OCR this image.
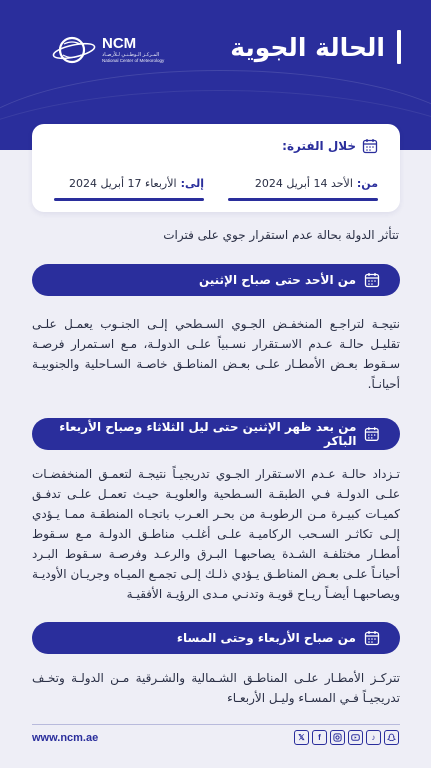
الحالة الجوية
NCM
المـركـز الـوطـنـي لـلأرصـاد
National Center of Meteorology
خلال الفترة:
من:
الأحد 14 أبريل 2024
إلى:
الأربعاء 17 أبريل 2024
تتأثر الدولة بحالة عدم استقرار جوي على فترات
من الأحد حتى صباح الإثنين
نتيجـة لتراجـع المنخفـض الجـوي السـطحي إلـى الجنـوب يعمـل علـى تقليـل حالـة عـدم الاسـتقرار نسـبياً علـى الدولـة، مـع اسـتمرار فرصـة سـقوط بعـض الأمطـار علـى بعـض المناطـق خاصـة السـاحلية والجنوبيـة أحيانـاً.
من بعد ظهر الإثنين حتى ليل الثلاثاء وصباح الأربعاء الباكر
تـزداد حالـة عـدم الاسـتقرار الجـوي تدريجيـاً نتيجـة لتعمـق المنخفضـات علـى الدولـة فـي الطبقـة السـطحية والعلويـة حيـث تعمـل علـى تدفـق كميـات كبيـرة مـن الرطوبـة من بحـر العـرب باتجـاه المنطقـة ممـا يـؤدي إلـى تكاثـر السـحب الركاميـة علـى أغلـب مناطـق الدولـة مـع سـقوط أمطـار مختلفـة الشـدة يصاحبهـا البـرق والرعـد وفرصـة سـقوط البـرد أحيانـاً علـى بعـض المناطـق يـؤدي ذلـك إلـى تجمـع الميـاه وجريـان الأوديـة ويصاحبهـا أيضـاً ريـاح قويـة وتدنـي مـدى الرؤيـة الأفقيـة
من صباح الأربعاء وحتى المساء
تتركـز الأمطـار علـى المناطـق الشـمالية والشـرقية مـن الدولـة وتخـف تدريجيـاً فـي المسـاء وليـل الأربعـاء
www.ncm.ae	𝕏	f	♪
